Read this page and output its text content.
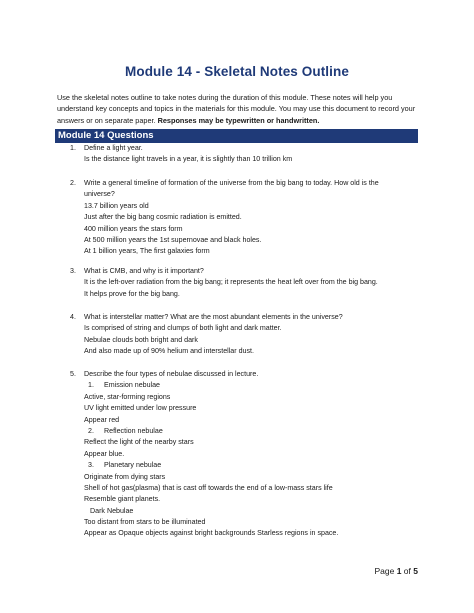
Module 14 - Skeletal Notes Outline
Use the skeletal notes outline to take notes during the duration of this module. These notes will help you understand key concepts and topics in the materials for this module. You may use this document to record your answers or on separate paper. Responses may be typewritten or handwritten.
Module 14 Questions
1. Define a light year.
Is the distance light travels in a year, it is slightly than 10 trillion km
2. Write a general timeline of formation of the universe from the big bang to today. How old is the
universe?
13.7 billion years old
Just after the big bang cosmic radiation is emitted.
400 million years the stars form
At 500 million years the 1st supernovae and black holes.
At 1 billion years, The first galaxies form
3. What is CMB, and why is it important?
It is the left-over radiation from the big bang; it represents the heat left over from the big bang.
It helps prove for the big bang.
4. What is interstellar matter? What are the most abundant elements in the universe?
Is comprised of string and clumps of both light and dark matter.
Nebulae clouds both bright and dark
And also made up of 90% helium and interstellar dust.
5. Describe the four types of nebulae discussed in lecture.
1. Emission nebulae
Active, star-forming regions
UV light emitted under low pressure
Appear red
2. Reflection nebulae
Reflect the light of the nearby stars
Appear blue.
3. Planetary nebulae
Originate from dying stars
Shell of hot gas(plasma) that is cast off towards the end of a low-mass stars life
Resemble giant planets.
Dark Nebulae
Too distant from stars to be illuminated
Appear as Opaque objects against bright backgrounds Starless regions in space.
Page 1 of 5
